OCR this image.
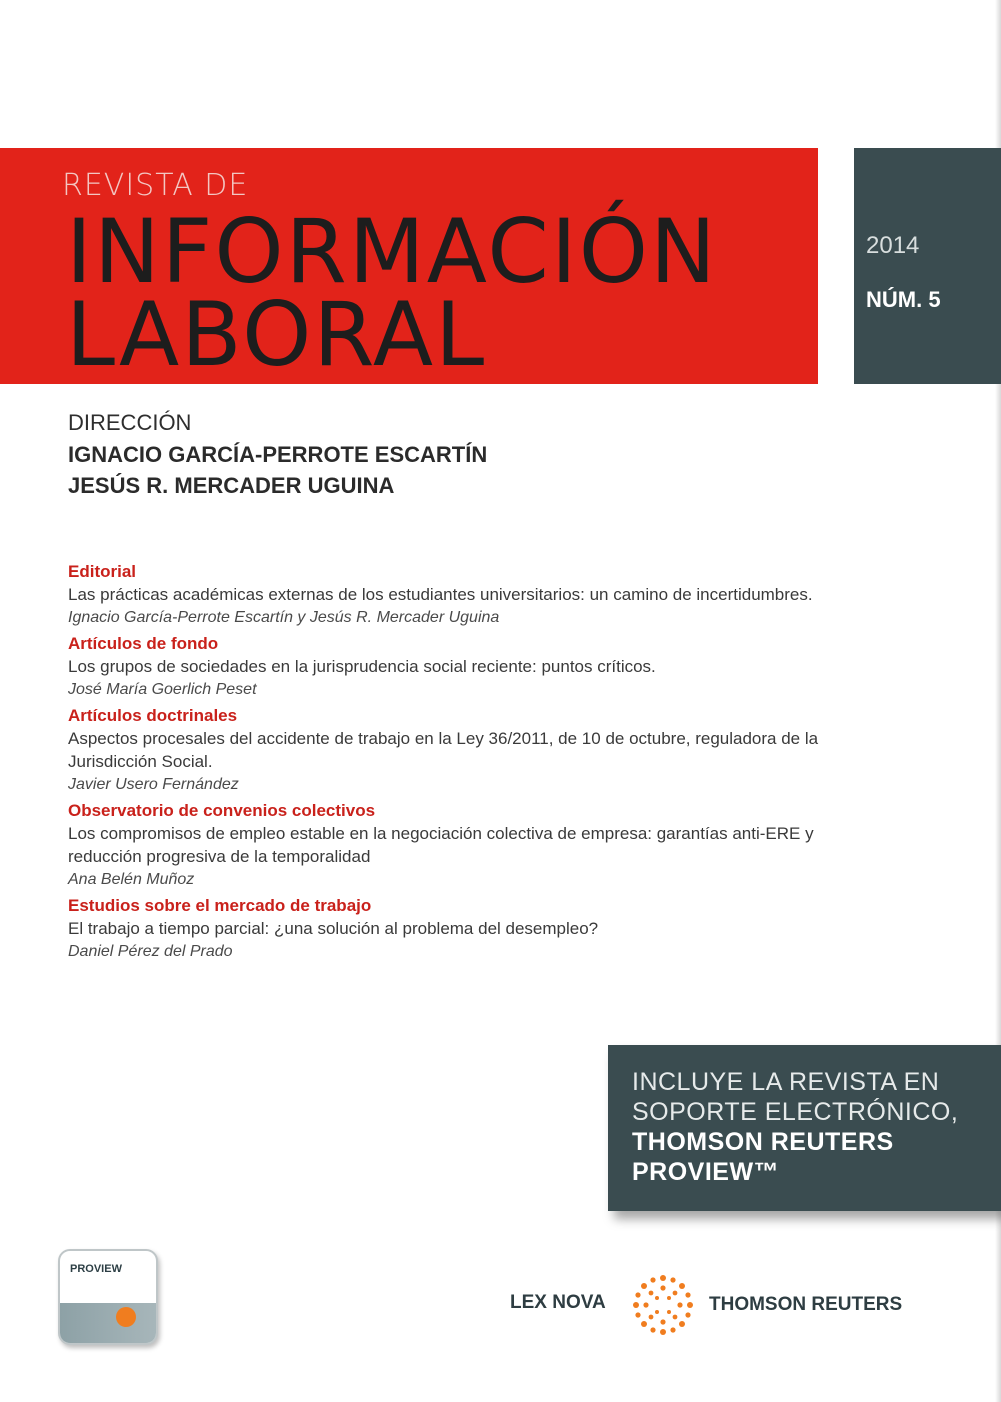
REVISTA DE
INFORMACIÓN
LABORAL
2014
NÚM. 5
DIRECCIÓN
IGNACIO GARCÍA-PERROTE ESCARTÍN
JESÚS R. MERCADER UGUINA
Editorial
Las prácticas académicas externas de los estudiantes universitarios: un camino de incertidumbres.
Ignacio García-Perrote Escartín y Jesús R. Mercader Uguina
Artículos de fondo
Los grupos de sociedades en la jurisprudencia social reciente: puntos críticos.
José María Goerlich Peset
Artículos doctrinales
Aspectos procesales del accidente de trabajo en la Ley 36/2011, de 10 de octubre, reguladora de la Jurisdicción Social.
Javier Usero Fernández
Observatorio de convenios colectivos
Los compromisos de empleo estable en la negociación colectiva de empresa: garantías anti-ERE y reducción progresiva de la temporalidad
Ana Belén Muñoz
Estudios sobre el mercado de trabajo
El trabajo a tiempo parcial: ¿una solución al problema del desempleo?
Daniel Pérez del Prado
INCLUYE LA REVISTA EN
SOPORTE ELECTRÓNICO,
THOMSON REUTERS
PROVIEW™
PROVIEW
LEX NOVA	THOMSON REUTERS
